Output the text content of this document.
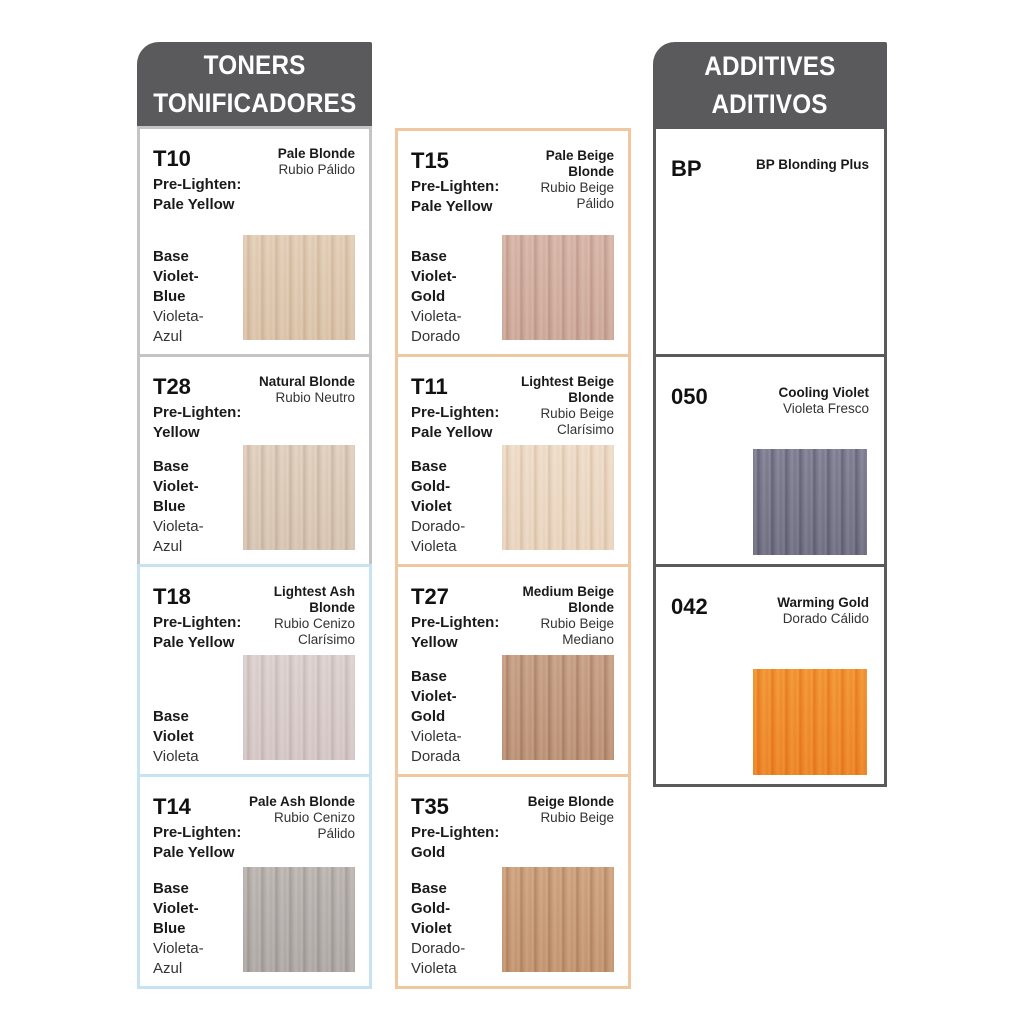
TONERS
TONIFICADORES
ADDITIVES
ADITIVOS
T10	Pale Blonde
Rubio Pálido
Pre-Lighten:
Pale Yellow
Base
Violet-
Blue
Violeta-
Azul
T28	Natural Blonde
Rubio Neutro
Pre-Lighten:
Yellow
Base
Violet-
Blue
Violeta-
Azul
T18	Lightest Ash
Blonde
Rubio Cenizo
Clarísimo
Pre-Lighten:
Pale Yellow
Base
Violet
Violeta
T14	Pale Ash Blonde
Rubio Cenizo
Pálido
Pre-Lighten:
Pale Yellow
Base
Violet-
Blue
Violeta-
Azul
T15	Pale Beige
Blonde
Rubio Beige
Pálido
Pre-Lighten:
Pale Yellow
Base
Violet-
Gold
Violeta-
Dorado
T11	Lightest Beige
Blonde
Rubio Beige
Clarísimo
Pre-Lighten:
Pale Yellow
Base
Gold-
Violet
Dorado-
Violeta
T27	Medium Beige
Blonde
Rubio Beige
Mediano
Pre-Lighten:
Yellow
Base
Violet-
Gold
Violeta-
Dorada
T35	Beige Blonde
Rubio Beige
Pre-Lighten:
Gold
Base
Gold-
Violet
Dorado-
Violeta
BP	BP Blonding Plus
050	Cooling Violet
Violeta Fresco
042	Warming Gold
Dorado Cálido
